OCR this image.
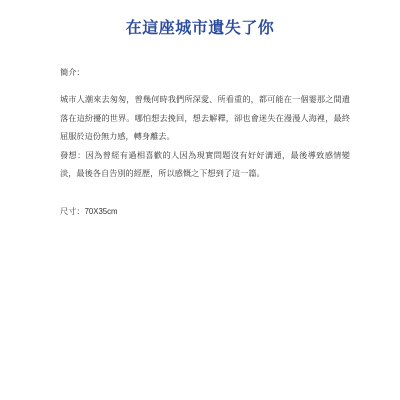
在這座城市遺失了你

簡介：

城市人潮來去匆匆，曾幾何時我們所深愛、所看重的，都可能在一個霎那之間遺落在這紛擾的世界。哪怕想去挽回，想去解釋，卻也會迷失在漫漫人海裡，最終屈服於這份無力感，轉身離去。

發想：因為曾經有過相喜歡的人因為現實問題沒有好好溝通，最後導致感情變淡，最後各自告別的經歷，所以感慨之下想到了這一篇。

尺寸：70X35cm
